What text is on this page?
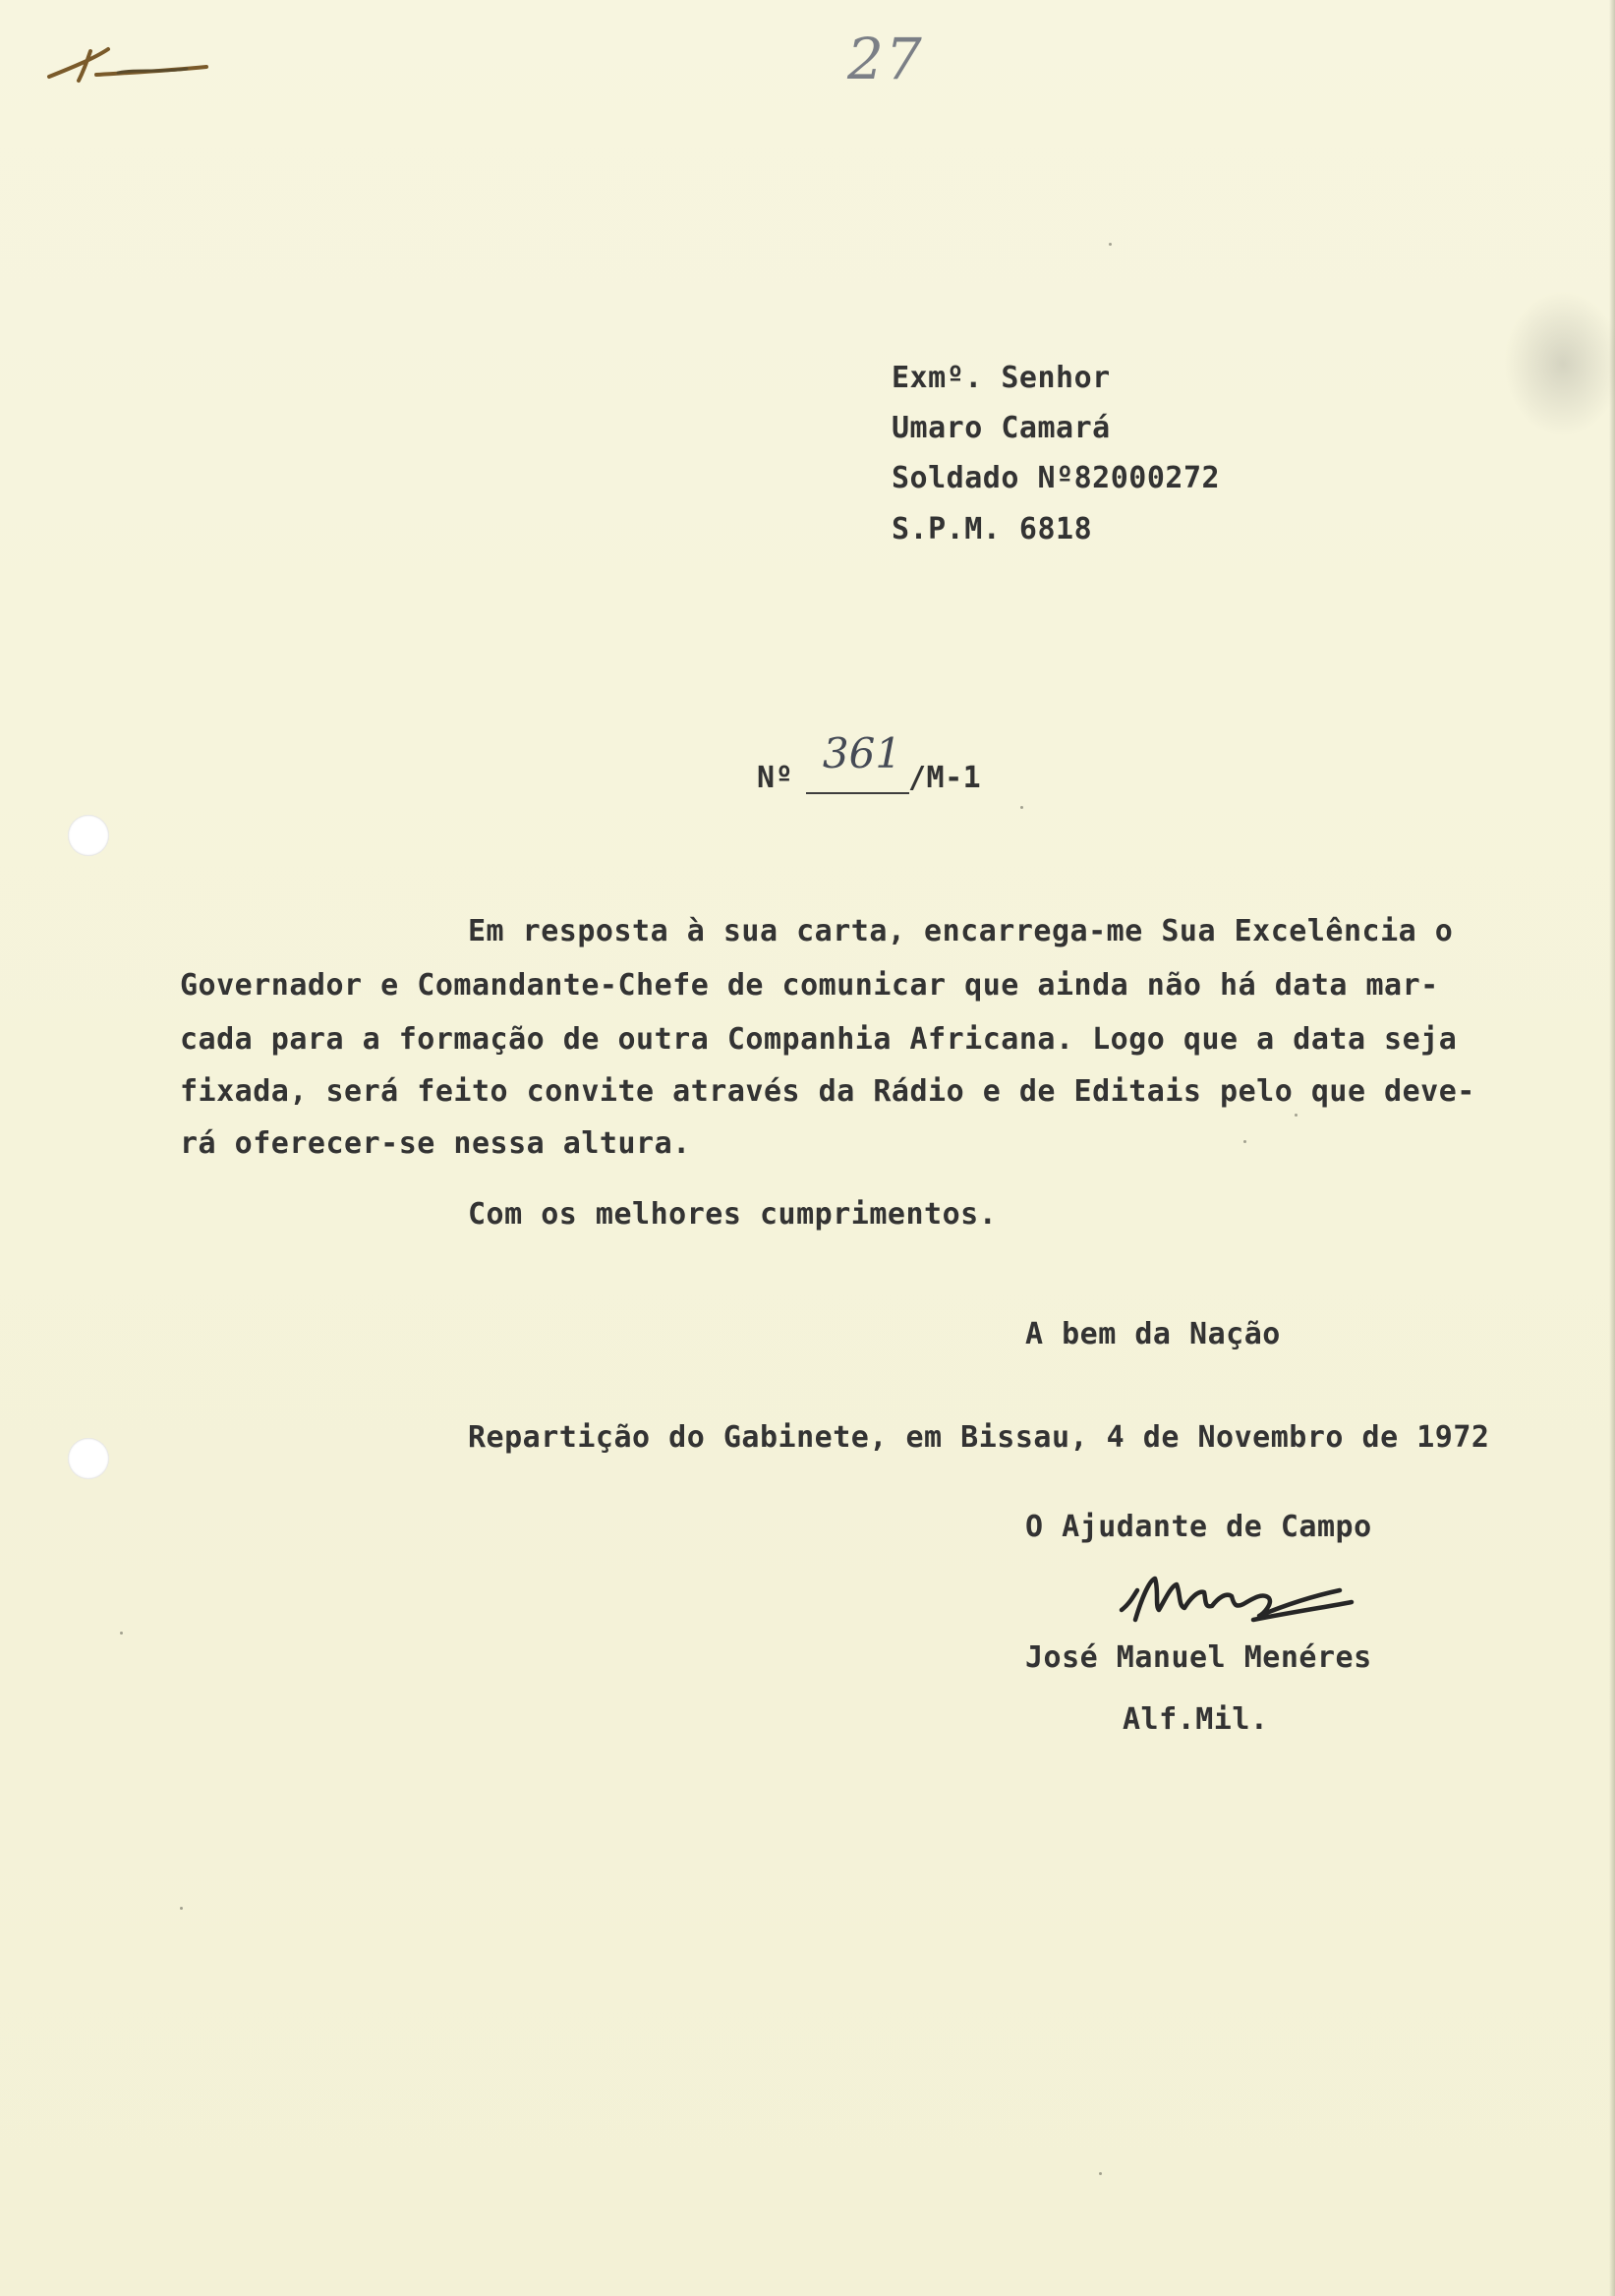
27
Exmº. Senhor
Umaro Camará
Soldado Nº82000272
S.P.M. 6818
Nº
361
/M-1
Em resposta à sua carta, encarrega-me Sua Excelência o
Governador e Comandante-Chefe de comunicar que ainda não há data mar-
cada para a formação de outra Companhia Africana. Logo que a data seja
fixada, será feito convite através da Rádio e de Editais pelo que deve-
rá oferecer-se nessa altura.
Com os melhores cumprimentos.
A bem da Nação
Repartição do Gabinete, em Bissau, 4 de Novembro de 1972
O Ajudante de Campo
José Manuel Menéres
Alf.Mil.
